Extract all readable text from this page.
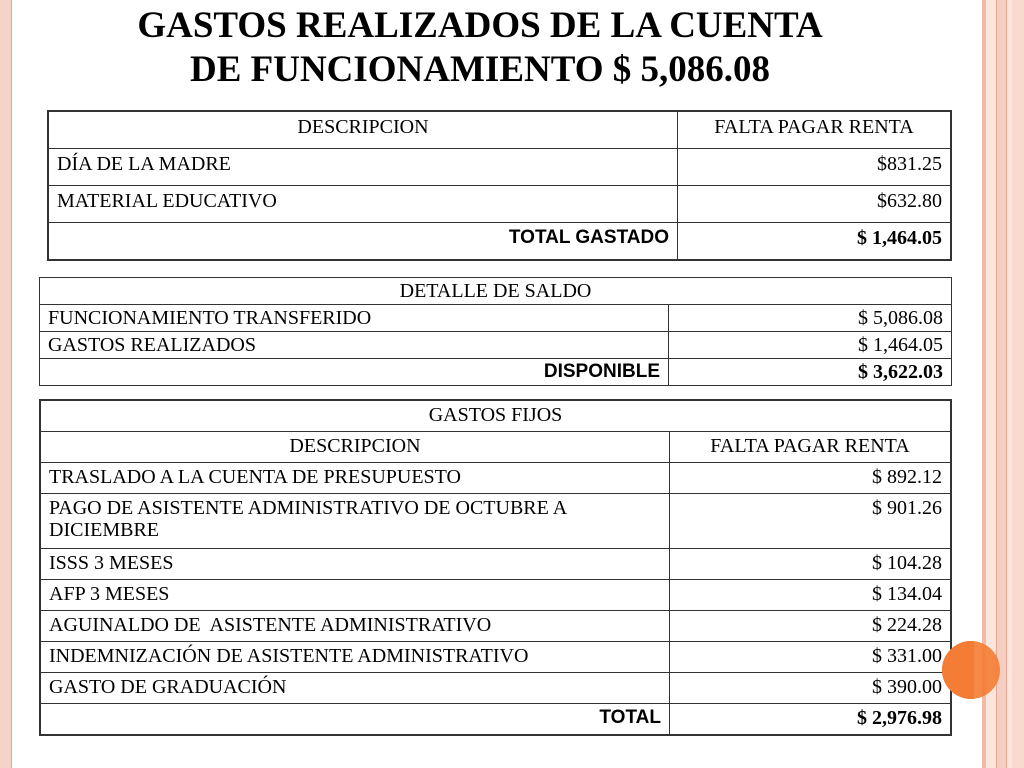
GASTOS REALIZADOS DE LA CUENTA
DE FUNCIONAMIENTO $ 5,086.08
DESCRIPCION	FALTA PAGAR RENTA
DÍA DE LA MADRE	$831.25
MATERIAL EDUCATIVO	$632.80
TOTAL GASTADO	$ 1,464.05
DETALLE DE SALDO	
FUNCIONAMIENTO TRANSFERIDO	$ 5,086.08
GASTOS REALIZADOS	$ 1,464.05
DISPONIBLE	$ 3,622.03
GASTOS FIJOS	
DESCRIPCION	FALTA PAGAR RENTA
TRASLADO A LA CUENTA DE PRESUPUESTO	$ 892.12
PAGO DE ASISTENTE ADMINISTRATIVO DE OCTUBRE A DICIEMBRE	$ 901.26
ISSS 3 MESES	$ 104.28
AFP 3 MESES	$ 134.04
AGUINALDO DE  ASISTENTE ADMINISTRATIVO	$ 224.28
INDEMNIZACIÓN DE ASISTENTE ADMINISTRATIVO	$ 331.00
GASTO DE GRADUACIÓN	$ 390.00
TOTAL	$ 2,976.98
